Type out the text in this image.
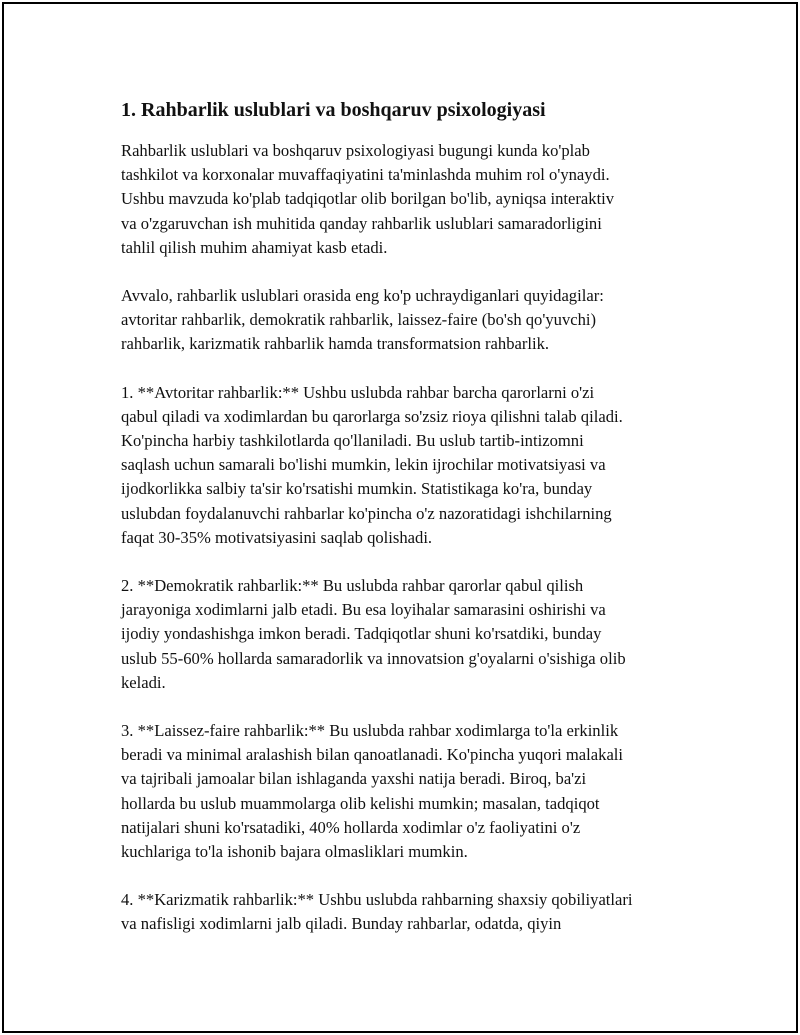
1. Rahbarlik uslublari va boshqaruv psixologiyasi

Rahbarlik uslublari va boshqaruv psixologiyasi bugungi kunda ko'plab
tashkilot va korxonalar muvaffaqiyatini ta'minlashda muhim rol o'ynaydi.
Ushbu mavzuda ko'plab tadqiqotlar olib borilgan bo'lib, ayniqsa interaktiv
va o'zgaruvchan ish muhitida qanday rahbarlik uslublari samaradorligini
tahlil qilish muhim ahamiyat kasb etadi.

Avvalo, rahbarlik uslublari orasida eng ko'p uchraydiganlari quyidagilar:
avtoritar rahbarlik, demokratik rahbarlik, laissez-faire (bo'sh qo'yuvchi)
rahbarlik, karizmatik rahbarlik hamda transformatsion rahbarlik.

1. **Avtoritar rahbarlik:** Ushbu uslubda rahbar barcha qarorlarni o'zi
qabul qiladi va xodimlardan bu qarorlarga so'zsiz rioya qilishni talab qiladi.
Ko'pincha harbiy tashkilotlarda qo'llaniladi. Bu uslub tartib-intizomni
saqlash uchun samarali bo'lishi mumkin, lekin ijrochilar motivatsiyasi va
ijodkorlikka salbiy ta'sir ko'rsatishi mumkin. Statistikaga ko'ra, bunday
uslubdan foydalanuvchi rahbarlar ko'pincha o'z nazoratidagi ishchilarning
faqat 30-35% motivatsiyasini saqlab qolishadi.

2. **Demokratik rahbarlik:** Bu uslubda rahbar qarorlar qabul qilish
jarayoniga xodimlarni jalb etadi. Bu esa loyihalar samarasini oshirishi va
ijodiy yondashishga imkon beradi. Tadqiqotlar shuni ko'rsatdiki, bunday
uslub 55-60% hollarda samaradorlik va innovatsion g'oyalarni o'sishiga olib
keladi.

3. **Laissez-faire rahbarlik:** Bu uslubda rahbar xodimlarga to'la erkinlik
beradi va minimal aralashish bilan qanoatlanadi. Ko'pincha yuqori malakali
va tajribali jamoalar bilan ishlaganda yaxshi natija beradi. Biroq, ba'zi
hollarda bu uslub muammolarga olib kelishi mumkin; masalan, tadqiqot
natijalari shuni ko'rsatadiki, 40% hollarda xodimlar o'z faoliyatini o'z
kuchlariga to'la ishonib bajara olmasliklari mumkin.

4. **Karizmatik rahbarlik:** Ushbu uslubda rahbarning shaxsiy qobiliyatlari
va nafisligi xodimlarni jalb qiladi. Bunday rahbarlar, odatda, qiyin
